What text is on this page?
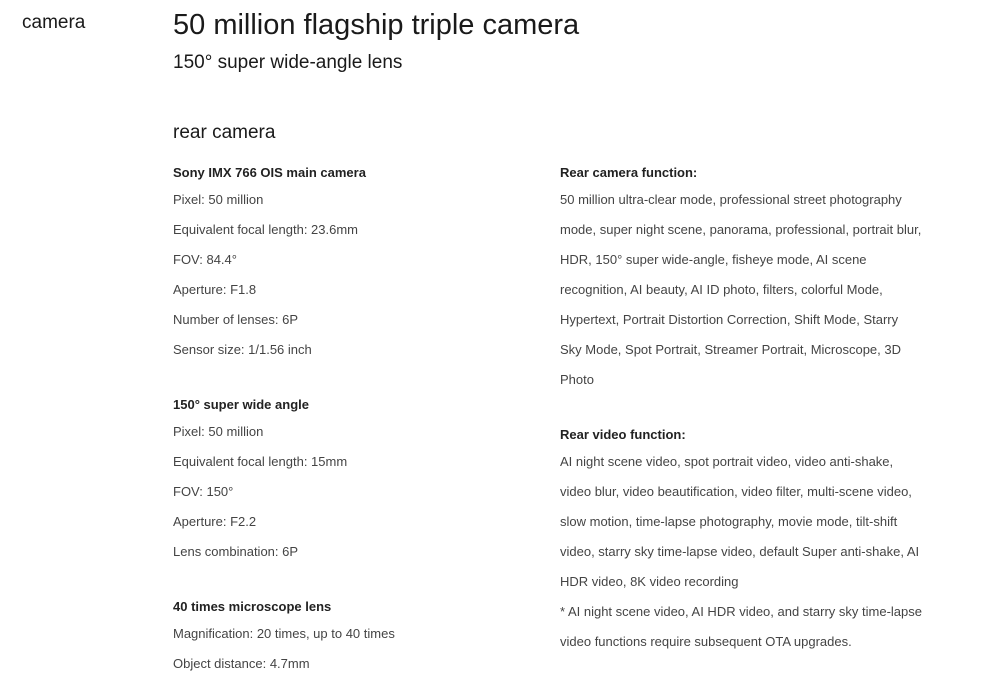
camera	50 million flagship triple camera
150° super wide-angle lens
rear camera
Sony IMX 766 OIS main camera
Pixel: 50 million
Equivalent focal length: 23.6mm
FOV: 84.4°
Aperture: F1.8
Number of lenses: 6P
Sensor size: 1/1.56 inch
150° super wide angle
Pixel: 50 million
Equivalent focal length: 15mm
FOV: 150°
Aperture: F2.2
Lens combination: 6P
40 times microscope lens
Magnification: 20 times, up to 40 times
Object distance: 4.7mm
Rear camera function:
50 million ultra-clear mode, professional street photography
mode, super night scene, panorama, professional, portrait blur,
HDR, 150° super wide-angle, fisheye mode, AI scene
recognition, AI beauty, AI ID photo, filters, colorful Mode,
Hypertext, Portrait Distortion Correction, Shift Mode, Starry
Sky Mode, Spot Portrait, Streamer Portrait, Microscope, 3D
Photo
Rear video function:
AI night scene video, spot portrait video, video anti-shake,
video blur, video beautification, video filter, multi-scene video,
slow motion, time-lapse photography, movie mode, tilt-shift
video, starry sky time-lapse video, default Super anti-shake, AI
HDR video, 8K video recording
* AI night scene video, AI HDR video, and starry sky time-lapse
video functions require subsequent OTA upgrades.
